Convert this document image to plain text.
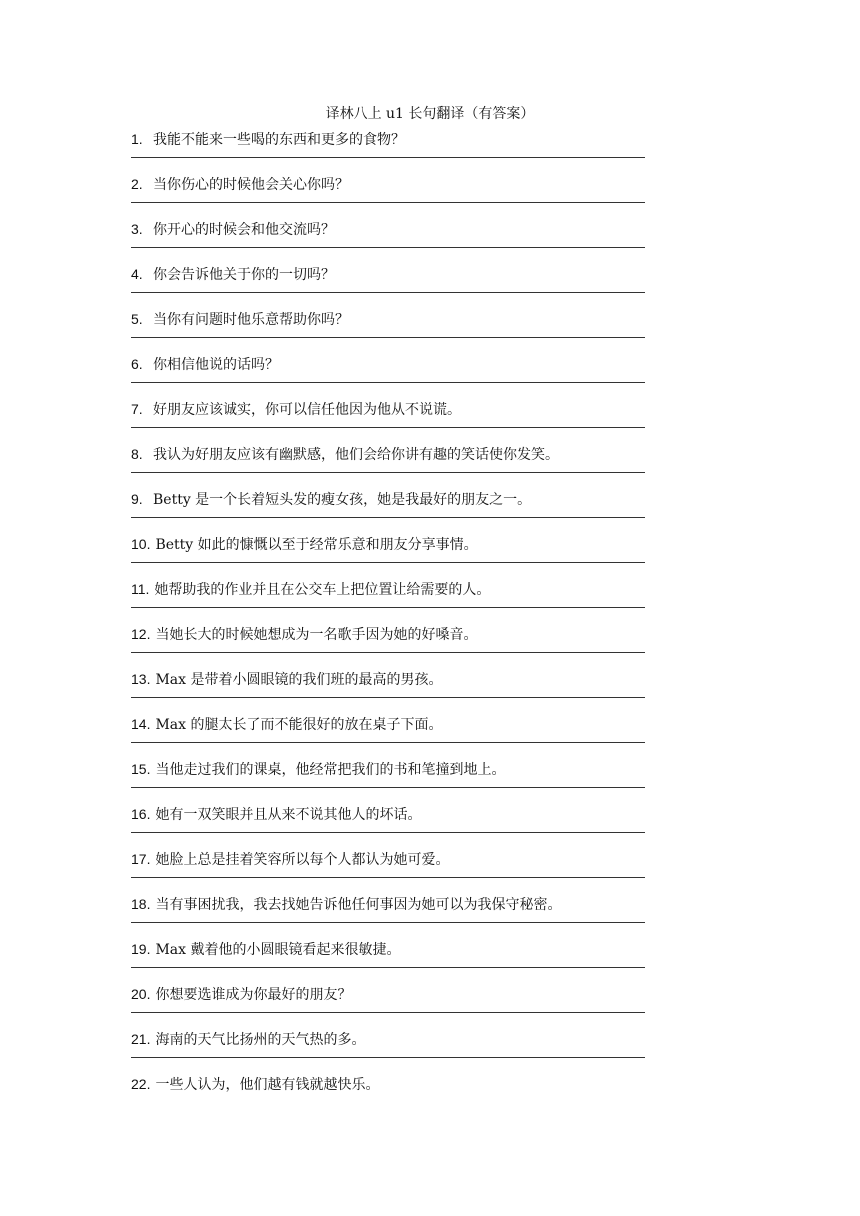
译林八上 u1 长句翻译（有答案）
1. 我能不能来一些喝的东西和更多的食物？
2. 当你伤心的时候他会关心你吗？
3. 你开心的时候会和他交流吗？
4. 你会告诉他关于你的一切吗？
5. 当你有问题时他乐意帮助你吗？
6. 你相信他说的话吗？
7. 好朋友应该诚实，你可以信任他因为他从不说谎。
8. 我认为好朋友应该有幽默感，他们会给你讲有趣的笑话使你发笑。
9. Betty 是一个长着短头发的瘦女孩，她是我最好的朋友之一。
10. Betty 如此的慷慨以至于经常乐意和朋友分享事情。
11. 她帮助我的作业并且在公交车上把位置让给需要的人。
12. 当她长大的时候她想成为一名歌手因为她的好嗓音。
13. Max 是带着小圆眼镜的我们班的最高的男孩。
14. Max 的腿太长了而不能很好的放在桌子下面。
15. 当他走过我们的课桌，他经常把我们的书和笔撞到地上。
16. 她有一双笑眼并且从来不说其他人的坏话。
17. 她脸上总是挂着笑容所以每个人都认为她可爱。
18. 当有事困扰我，我去找她告诉他任何事因为她可以为我保守秘密。
19. Max 戴着他的小圆眼镜看起来很敏捷。
20. 你想要选谁成为你最好的朋友？
21. 海南的天气比扬州的天气热的多。
22. 一些人认为，他们越有钱就越快乐。
